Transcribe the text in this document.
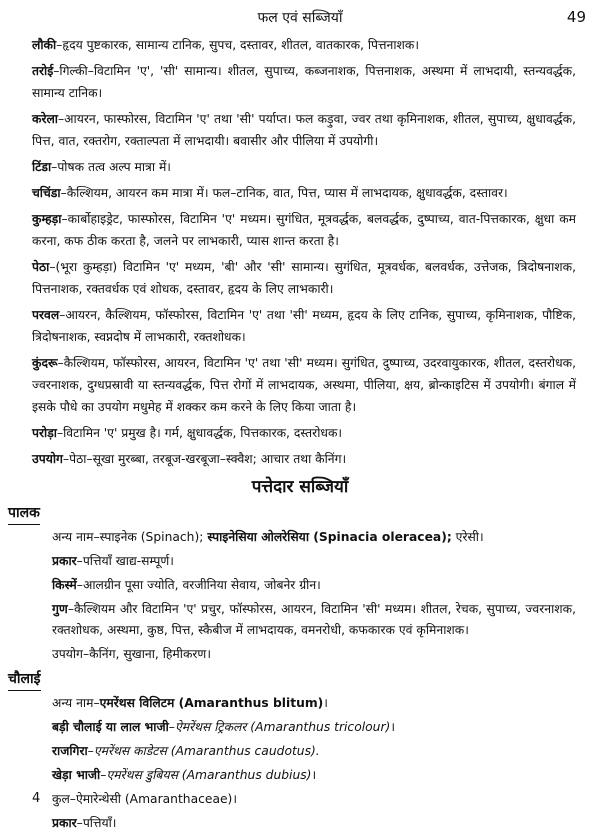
फल एवं सब्जियाँ	49

लौकी–हृदय पुष्टकारक, सामान्य टानिक, सुपच, दस्तावर, शीतल, वातकारक, पित्तनाशक।

तरोई–गिल्की–विटामिन 'ए', 'सी' सामान्य। शीतल, सुपाच्य, कब्जनाशक, पित्तनाशक, अस्थमा में लाभदायी, स्तन्यवर्द्धक, सामान्य टानिक।

करेला–आयरन, फास्फोरस, विटामिन 'ए' तथा 'सी' पर्याप्त। फल कड़ुवा, ज्वर तथा कृमिनाशक, शीतल, सुपाच्य, क्षुधावर्द्धक, पित्त, वात, रक्तरोग, रक्ताल्पता में लाभदायी। बवासीर और पीलिया में उपयोगी।

टिंडा–पोषक तत्व अल्प मात्रा में।

चचिंडा–कैल्शियम, आयरन कम मात्रा में। फल–टानिक, वात, पित्त, प्यास में लाभदायक, क्षुधावर्द्धक, दस्तावर।

कुम्हड़ा–कार्बोहाइड्रेट, फास्फोरस, विटामिन 'ए' मध्यम। सुगंधित, मूत्रवर्द्धक, बलवर्द्धक, दुष्पाच्य, वात-पित्तकारक, क्षुधा कम करना, कफ ठीक करता है, जलने पर लाभकारी, प्यास शान्त करता है।

पेठा–(भूरा कुम्हड़ा) विटामिन 'ए' मध्यम, 'बी' और 'सी' सामान्य। सुगंधित, मूत्रवर्धक, बलवर्धक, उत्तेजक, त्रिदोषनाशक, पित्तनाशक, रक्तवर्धक एवं शोधक, दस्तावर, हृदय के लिए लाभकारी।

परवल–आयरन, कैल्शियम, फॉस्फोरस, विटामिन 'ए' तथा 'सी' मध्यम, हृदय के लिए टानिक, सुपाच्य, कृमिनाशक, पौष्टिक, त्रिदोषनाशक, स्वप्नदोष में लाभकारी, रक्तशोधक।

कुंदरू–कैल्शियम, फॉस्फोरस, आयरन, विटामिन 'ए' तथा 'सी' मध्यम। सुगंधित, दुष्पाच्य, उदरवायुकारक, शीतल, दस्तरोधक, ज्वरनाशक, दुग्धप्रस्रावी या स्तन्यवर्द्धक, पित्त रोगों में लाभदायक, अस्थमा, पीलिया, क्षय, ब्रोन्काइटिस में उपयोगी। बंगाल में इसके पौधे का उपयोग मधुमेह में शक्कर कम करने के लिए किया जाता है।

परोड़ा–विटामिन 'ए' प्रमुख है। गर्म, क्षुधावर्द्धक, पित्तकारक, दस्तरोधक।

उपयोग–पेठा–सूखा मुरब्बा, तरबूज-खरबूजा–स्क्वैश; आचार तथा कैनिंग।

पत्तेदार सब्जियाँ
पालक

अन्य नाम–स्पाइनेक (Spinach); स्पाइनेसिया ओलरेसिया (Spinacia oleracea); एरेसी।

प्रकार–पत्तियाँ खाद्य-सम्पूर्ण।

किस्में–आलग्रीन पूसा ज्योति, वरजीनिया सेवाय, जोबनेर ग्रीन।

गुण–कैल्शियम और विटामिन 'ए' प्रचुर, फॉस्फोरस, आयरन, विटामिन 'सी' मध्यम। शीतल, रेचक, सुपाच्य, ज्वरनाशक, रक्तशोधक, अस्थमा, कुष्ठ, पित्त, स्कैबीज में लाभदायक, वमनरोधी, कफकारक एवं कृमिनाशक।

उपयोग–कैनिंग, सुखाना, हिमीकरण।

चौलाई

अन्य नाम–एमरेंथस विलिटम (Amaranthus blitum)।

बड़ी चौलाई या लाल भाजी–ऐमरेंथस ट्रिकलर (Amaranthus tricolour)।

राजगिरा–एमरेंथस काडेटस (Amaranthus caudotus).

खेड़ा भाजी–एमरेंथस डुबियस (Amaranthus dubius)।

कुल–ऐमारेन्थेसी (Amaranthaceae)।

प्रकार–पत्तियाँ।

4
